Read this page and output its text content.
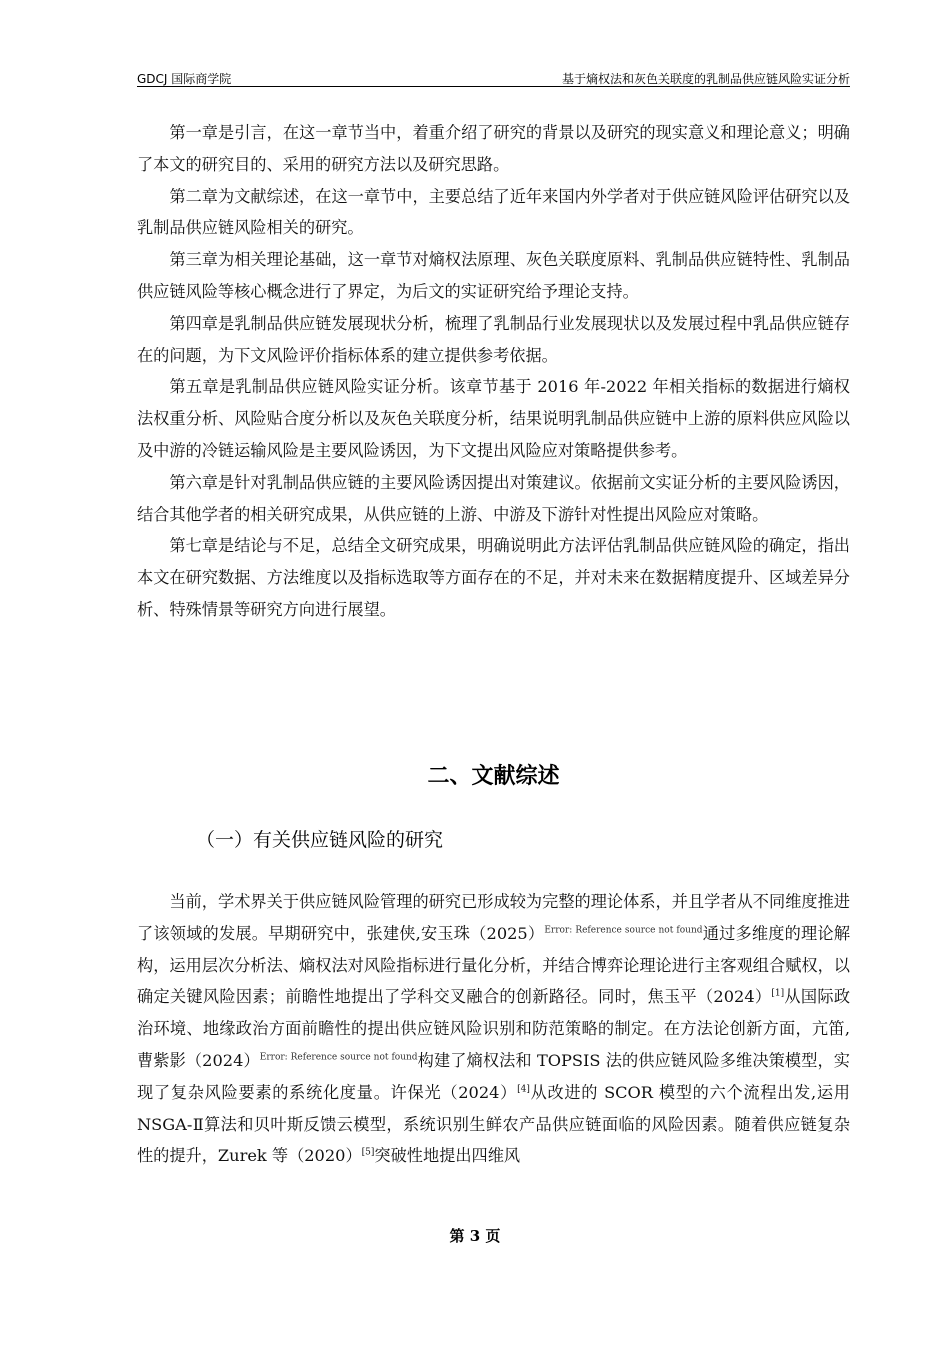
GDCJ 国际商学院	基于熵权法和灰色关联度的乳制品供应链风险实证分析

第一章是引言，在这一章节当中，着重介绍了研究的背景以及研究的现实意义和理论意义；明确了本文的研究目的、采用的研究方法以及研究思路。

第二章为文献综述，在这一章节中，主要总结了近年来国内外学者对于供应链风险评估研究以及乳制品供应链风险相关的研究。

第三章为相关理论基础，这一章节对熵权法原理、灰色关联度原料、乳制品供应链特性、乳制品供应链风险等核心概念进行了界定，为后文的实证研究给予理论支持。

第四章是乳制品供应链发展现状分析，梳理了乳制品行业发展现状以及发展过程中乳品供应链存在的问题，为下文风险评价指标体系的建立提供参考依据。

第五章是乳制品供应链风险实证分析。该章节基于 2016 年-2022 年相关指标的数据进行熵权法权重分析、风险贴合度分析以及灰色关联度分析，结果说明乳制品供应链中上游的原料供应风险以及中游的冷链运输风险是主要风险诱因，为下文提出风险应对策略提供参考。

第六章是针对乳制品供应链的主要风险诱因提出对策建议。依据前文实证分析的主要风险诱因，结合其他学者的相关研究成果，从供应链的上游、中游及下游针对性提出风险应对策略。

第七章是结论与不足，总结全文研究成果，明确说明此方法评估乳制品供应链风险的确定，指出本文在研究数据、方法维度以及指标选取等方面存在的不足，并对未来在数据精度提升、区域差异分析、特殊情景等研究方向进行展望。

二、文献综述
（一）有关供应链风险的研究

当前，学术界关于供应链风险管理的研究已形成较为完整的理论体系，并且学者从不同维度推进了该领域的发展。早期研究中，张建侠,安玉珠（2025）$^{Error: Reference source not found}$通过多维度的理论解构，运用层次分析法、熵权法对风险指标进行量化分析，并结合博弈论理论进行主客观组合赋权，以确定关键风险因素；前瞻性地提出了学科交叉融合的创新路径。同时，焦玉平（2024）[1]从国际政治环境、地缘政治方面前瞻性的提出供应链风险识别和防范策略的制定。在方法论创新方面，亢笛,曹紫影（2024）$^{Error: Reference source not found}$构建了熵权法和 TOPSIS 法的供应链风险多维决策模型，实现了复杂风险要素的系统化度量。许保光（2024）[4]从改进的 SCOR 模型的六个流程出发,运用 NSGA-Ⅱ算法和贝叶斯反馈云模型，系统识别生鲜农产品供应链面临的风险因素。随着供应链复杂性的提升，Zurek 等（2020）[5]突破性地提出四维风

第 3 页
